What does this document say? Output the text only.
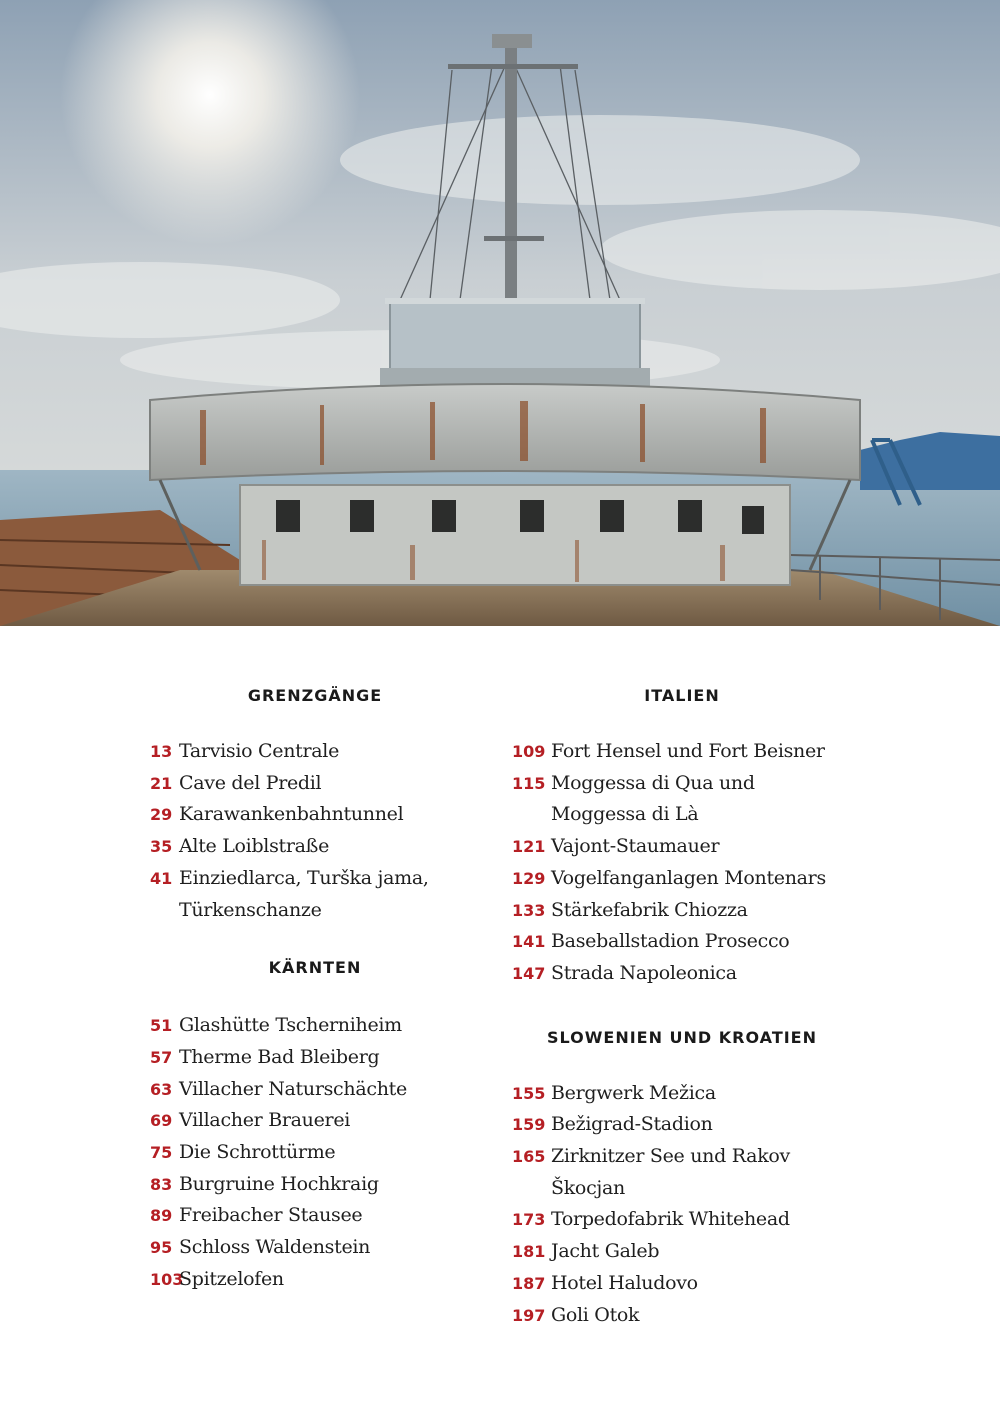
GRENZGÄNGE
13 Tarvisio Centrale
21 Cave del Predil
29 Karawankenbahntunnel
35 Alte Loiblstraße
41 Einziedlarca, Turška jama, Türkenschanze
KÄRNTEN
51 Glashütte Tscherniheim
57 Therme Bad Bleiberg
63 Villacher Naturschächte
69 Villacher Brauerei
75 Die Schrottürme
83 Burgruine Hochkraig
89 Freibacher Stausee
95 Schloss Waldenstein
103
Spitzelofen
ITALIEN
109 Fort Hensel und Fort Beisner
115 Moggessa di Qua und Moggessa di Là
121 Vajont-Staumauer
129 Vogelfanganlagen Montenars
133 Stärkefabrik Chiozza
141 Baseballstadion Prosecco
147 Strada Napoleonica
SLOWENIEN UND KROATIEN
155 Bergwerk Mežica
159 Bežigrad-Stadion
165 Zirknitzer See und Rakov Škocjan
173 Torpedofabrik Whitehead
181 Jacht Galeb
187 Hotel Haludovo
197 Goli Otok
